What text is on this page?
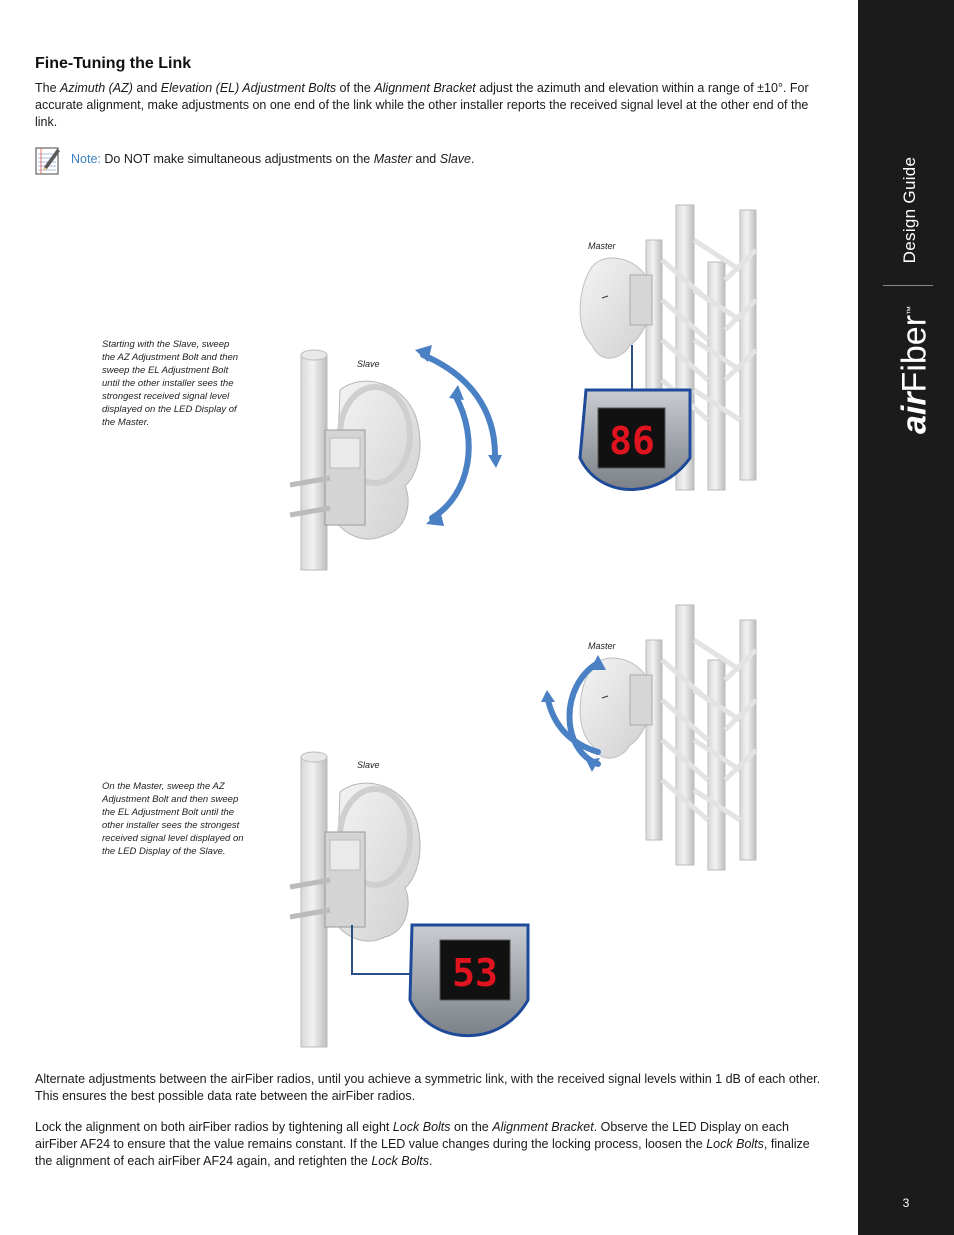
Fine-Tuning the Link

The Azimuth (AZ) and Elevation (EL) Adjustment Bolts of the Alignment Bracket adjust the azimuth and elevation within a range of ±10°. For accurate alignment, make adjustments on one end of the link while the other installer reports the received signal level at the other end of the link.

Note: Do NOT make simultaneous adjustments on the Master and Slave.
Starting with the Slave, sweep the AZ Adjustment Bolt and then sweep the EL Adjustment Bolt until the other installer sees the strongest received signal level displayed on the LED Display of the Master.
On the Master, sweep the AZ Adjustment Bolt and then sweep the EL Adjustment Bolt until the other installer sees the strongest received signal level displayed on the LED Display of the Slave.
86
Master
Slave
53
Master
Slave

Alternate adjustments between the airFiber radios, until you achieve a symmetric link, with the received signal levels within 1 dB of each other. This ensures the best possible data rate between the airFiber radios.

Lock the alignment on both airFiber radios by tightening all eight Lock Bolts on the Alignment Bracket. Observe the LED Display on each airFiber AF24 to ensure that the value remains constant. If the LED value changes during the locking process, loosen the Lock Bolts, finalize the alignment of each airFiber AF24 again, and retighten the Lock Bolts.

Design Guide
airFiber™
3
